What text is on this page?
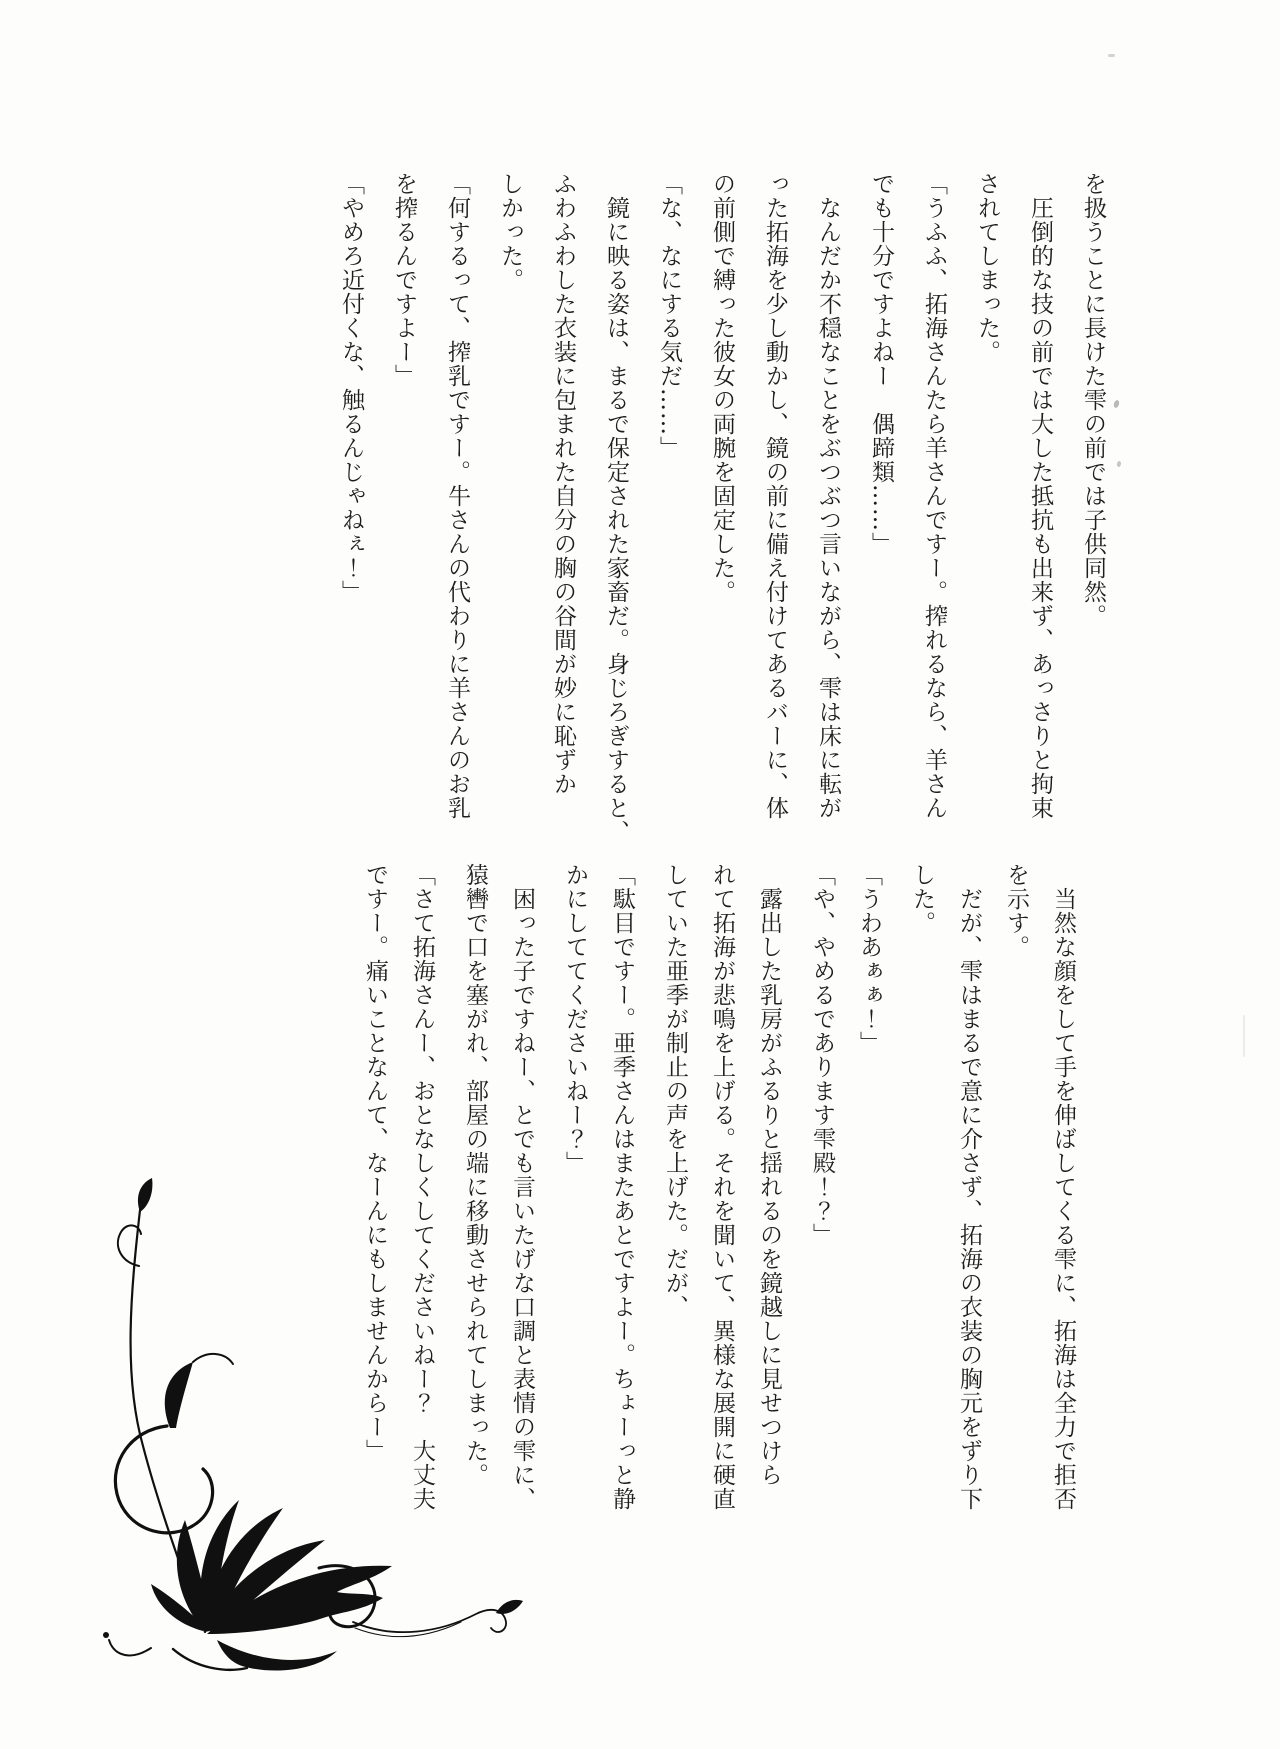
を扱うことに長けた雫の前では子供同然。

　圧倒的な技の前では大した抵抗も出来ず、あっさりと拘束

されてしまった。

「うふふ、拓海さんたら羊さんですー。搾れるなら、羊さん

でも十分ですよねー　偶蹄類……」

　なんだか不穏なことをぶつぶつ言いながら、雫は床に転が

った拓海を少し動かし、鏡の前に備え付けてあるバーに、体

の前側で縛った彼女の両腕を固定した。

「な、なにする気だ……」

　鏡に映る姿は、まるで保定された家畜だ。身じろぎすると、

ふわふわした衣装に包まれた自分の胸の谷間が妙に恥ずか

しかった。

「何するって、搾乳ですー。牛さんの代わりに羊さんのお乳

を搾るんですよー」

「やめろ近付くな、触るんじゃねぇ！」

　当然な顔をして手を伸ばしてくる雫に、拓海は全力で拒否

を示す。

　だが、雫はまるで意に介さず、拓海の衣装の胸元をずり下

した。

「うわあぁぁ！」

「や、やめるであります雫殿！？」

　露出した乳房がふるりと揺れるのを鏡越しに見せつけら

れて拓海が悲鳴を上げる。それを聞いて、異様な展開に硬直

していた亜季が制止の声を上げた。だが、

「駄目ですー。亜季さんはまたあとですよー。ちょーっと静

かにしててくださいねー？」

　困った子ですねー、とでも言いたげな口調と表情の雫に、

猿轡で口を塞がれ、部屋の端に移動させられてしまった。

「さて拓海さんー、おとなしくしてくださいねー？　大丈夫

ですー。痛いことなんて、なーんにもしませんからー」
